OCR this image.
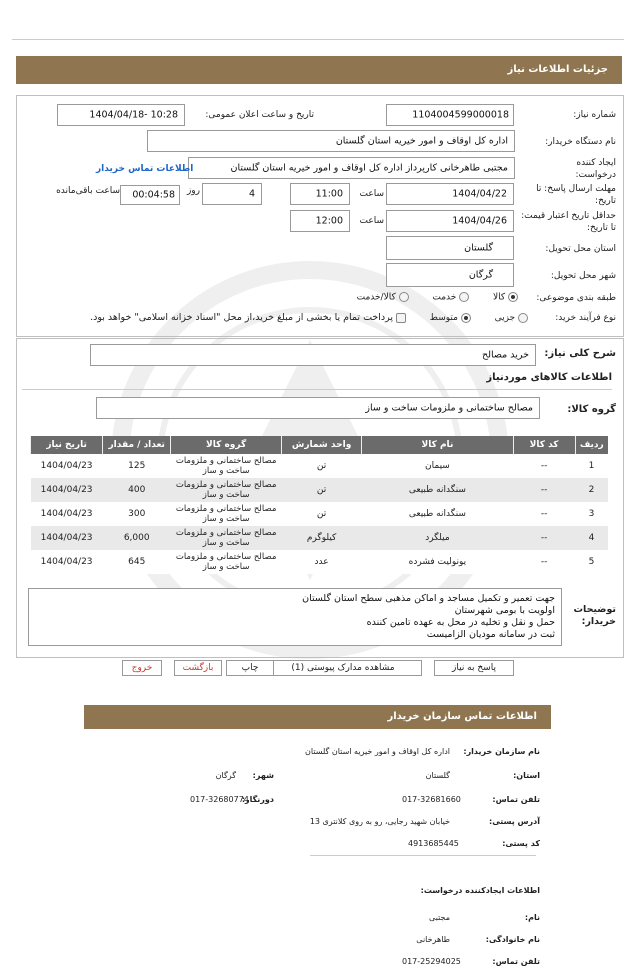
جزئیات اطلاعات نیاز
شماره نیاز:
1104004599000018
تاریخ و ساعت اعلان عمومی:
1404/04/18- 10:28
نام دستگاه خریدار:
اداره کل اوقاف و امور خیریه استان گلستان
ایجاد کننده درخواست:
مجتبی طاهرخانی کارپرداز اداره کل اوقاف و امور خیریه استان گلستان
اطلاعات تماس خریدار
مهلت ارسال پاسخ: تا تاریخ:
1404/04/22
ساعت
11:00
4
روز
00:04:58
ساعت باقی‌مانده
حداقل تاریخ اعتبار قیمت: تا تاریخ:
1404/04/26
ساعت
12:00
استان محل تحویل:
گلستان
شهر محل تحویل:
گرگان
طبقه بندی موضوعی:
کالا   خدمت   کالا/خدمت
نوع فرآیند خرید:
جزیی   متوسط   پرداخت تمام یا بخشی از مبلغ خرید،از محل "اسناد خزانه اسلامی" خواهد بود.
شرح کلی نیاز:
خرید مصالح
اطلاعات کالاهای موردنیاز
گروه کالا:
مصالح ساختمانی و ملزومات ساخت و ساز
ردیف	کد کالا	نام کالا	واحد شمارش	گروه کالا	تعداد / مقدار	تاریخ نیاز
1	--	سیمان	تن	مصالح ساختمانی و ملزومات ساخت و ساز	125	1404/04/23
2	--	سنگدانه طبیعی	تن	مصالح ساختمانی و ملزومات ساخت و ساز	400	1404/04/23
3	--	سنگدانه طبیعی	تن	مصالح ساختمانی و ملزومات ساخت و ساز	300	1404/04/23
4	--	میلگرد	کیلوگرم	مصالح ساختمانی و ملزومات ساخت و ساز	6,000	1404/04/23
5	--	یونولیت فشرده	عدد	مصالح ساختمانی و ملزومات ساخت و ساز	645	1404/04/23
توضیحات خریدار:
جهت تعمیر و تکمیل مساجد و اماکن مذهبی سطح استان گلستان
اولویت با بومی شهرستان
حمل و نقل و تخلیه در محل به عهده تامین کننده
ثبت در سامانه مودیان الزامیست
پاسخ به نیاز
مشاهده مدارک پیوستی (1)
چاپ
بازگشت
خروج
اطلاعات تماس سازمان خریدار
نام سازمان خریدار:
اداره کل اوقاف و امور خیریه استان گلستان
استان:
گلستان
شهر:
گرگان
تلفن تماس:
017-32681660
دورنگار:
017-32680774
آدرس پستی:
خیابان شهید رجایی، رو به روی کلانتری 13
کد پستی:
4913685445
اطلاعات ایجادکننده درخواست:
نام:
مجتبی
نام خانوادگی:
طاهرخانی
تلفن تماس:
017-25294025
